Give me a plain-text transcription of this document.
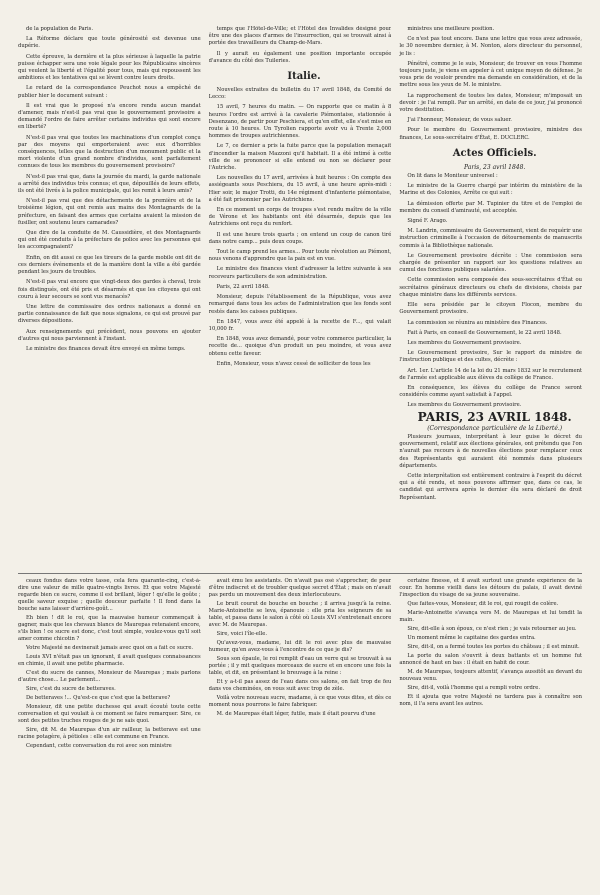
de la population de Paris.

La Réforme déclare que toute générosité est devenue une dupérie.

Cette épreuve, la dernière et la plus sérieuse à laquelle la patrie puisse échapper sera une voie légale pour les Républicains sincères qui veulent la liberté et l'égalité pour tous, mais qui repoussent les ambitions et les tentatives qui se lèvent contre leurs droits.

Le retard de la correspondance Peuchot nous a empêché de publier hier le document suivant :

Il est vrai que le proposé n'a encore rendu aucun mandat d'amener, mais n'est-il pas vrai que le gouvernement provisoire a demandé l'ordre de faire arrêter certains individus qui sont encore en liberté?

N'est-il pas vrai que toutes les machinations d'un complot conçu par des moyens qui emporteraient avec eux d'horribles conséquences, telles que la destruction d'un monument public et la mort violente d'un grand nombre d'individus, sont parfaitement connues de tous les membres du gouvernement provisoire?

N'est-il pas vrai que, dans la journée du mardi, la garde nationale a arrêté des individus très connus; et que, dépouillés de leurs effets, ils ont été livrés à la police municipale, qui les remit à leurs amis?

N'est-il pas vrai que des détachements de la première et de la troisième légion, qui ont remis aux mains des Montagnards de la préfecture, en faisant des armes que certains avaient la mission de fusiller, ont soutenu leurs camarades?

Que dire de la conduite de M. Caussidière, et des Montagnards qui ont été conduits à la préfecture de police avec les personnes qui les accompagnaient?

Enfin, on dit aussi ce que les tireurs de la garde mobile ont dit de ces derniers événements et de la manière dont la ville a été gardée pendant les jours de troubles.

N'est-il pas vrai encore que vingt-deux des gardes à cheval, trois fois distingués, ont été pris et désarmés et que les citoyens qui ont couru à leur secours se sont vus menacés?

Une lettre de commissaire des ordres nationaux a donné en partie connaissance de fait que nous signalons, ce qui est prouvé par diverses dépositions.

Aux renseignements qui précèdent, nous pouvons en ajouter d'autres qui nous parviennent à l'instant.

Le ministre des finances devait être envoyé en même temps.

temps que l'Hôtel-de-Ville; et l'Hôtel des Invalides désigné pour être une des places d'armes de l'insurrection, qui se trouvait ainsi à portée des travailleurs du Champ-de-Mars.

Il y aurait eu également une position importante occupée d'avance du côté des Tuileries.

Italie.

Nouvelles extraites du bulletin du 17 avril 1848, du Comité de Lecco:

15 avril, 7 heures du matin. — On rapporte que ce matin à 8 heures l'ordre est arrivé à la cavalerie Piémontaise, stationnée à Desenzano, de partir pour Peschiera, et qu'en effet, elle s'est mise en route à 10 heures. Un Tyrolien rapporte avoir vu à Trente 2,000 hommes de troupes autrichiennes.

Le 7, ce dernier a pris la fuite parce que la population menaçait d'incendier la maison Mazzoni qu'il habitait. Il a été intimé à cette ville de se prononcer si elle entend ou non se déclarer pour l'Autriche.

Les nouvelles du 17 avril, arrivées à huit heures : On compte des assiégeants sous Peschiera, du 15 avril, à une heure après-midi : Hier soir, le major Trotti, du 14e régiment d'infanterie piémontaise, a été fait prisonnier par les Autrichiens.

En ce moment un corps de troupes s'est rendu maître de la ville de Vérone et les habitants ont été désarmés, depuis que les Autrichiens ont reçu du renfort.

Il est une heure trois quarts ; on entend un coup de canon tiré dans notre camp... puis deux coups.

Tout le camp prend les armes... Pour toute révolution au Piémont, nous venons d'apprendre que la paix est en vue.

Le ministre des finances vient d'adresser la lettre suivante à ses receveurs particuliers de son administration.

Paris, 22 avril 1848.

Monsieur, depuis l'établissement de la République, vous avez remarqué dans tous les actes de l'administration que les fonds sont restés dans les caisses publiques.

En 1847, vous avez été appelé à la recette de F..., qui valait 10,000 fr.

En 1848, vous avez demandé, pour votre commerce particulier, la recette de... quoique d'un produit un peu moindre, et vous avez obtenu cette faveur.

Enfin, Monsieur, vous n'avez cessé de solliciter de tous les

ministres une meilleure position.

Ce n'est pas tout encore. Dans une lettre que vous avez adressée, le 30 novembre dernier, à M. Nonton, alors directeur du personnel, je lis :

Pénétré, comme je le suis, Monsieur, de trouver en vous l'homme toujours juste, je viens en appeler à cet unique moyen de défense. Je vous prie de vouloir prendre ma demande en considération, et de la mettre sous les yeux de M. le ministre.

La rapprochement de toutes les dates, Monsieur, m'imposait un devoir : je l'ai rempli. Par un arrêté, en date de ce jour, j'ai prononcé votre destitution.

J'ai l'honneur, Monsieur, de vous saluer.

Pour le membre du Gouvernement provisoire, ministre des finances, Le sous-secrétaire d'État, E. DUCLERC.

Actes Officiels.

Paris, 23 avril 1848.

On lit dans le Moniteur universel :

Le ministre de la Guerre chargé par intérim du ministère de la Marine et des Colonies, Arrête ce qui suit :

La démission offerte par M. Tupinier du titre et de l'emploi de membre du conseil d'amirauté, est acceptée.

Signé F. Arago.

M. Landrin, commissaire du Gouvernement, vient de requérir une instruction criminelle à l'occasion de détournements de manuscrits commis à la Bibliothèque nationale.

Le Gouvernement provisoire décrète : Une commission sera chargée de présenter un rapport sur les questions relatives au cumul des fonctions publiques salariées.

Cette commission sera composée des sous-secrétaires d'État ou secrétaires généraux directeurs ou chefs de divisions, choisis par chaque ministre dans les différents services.

Elle sera présidée par le citoyen Flocon, membre du Gouvernement provisoire.

La commission se réunira au ministère des Finances.

Fait à Paris, en conseil de Gouvernement, le 22 avril 1848.

Les membres du Gouvernement provisoire.

Le Gouvernement provisoire, Sur le rapport du ministre de l'instruction publique et des cultes, décrète :

Art. 1er. L'article 14 de la loi du 21 mars 1832 sur le recrutement de l'armée est applicable aux élèves du collège de France.

En conséquence, les élèves du collège de France seront considérés comme ayant satisfait à l'appel.

Les membres du Gouvernement provisoire.

PARIS, 23 AVRIL 1848.

(Correspondance particulière de la Liberté.)

Plusieurs journaux, interprétant à leur guise le décret du gouvernement, relatif aux élections générales, ont prétendu que l'on n'aurait pas recours à de nouvelles élections pour remplacer ceux des Représentants qui auraient été nommés dans plusieurs départements.

Cette interprétation est entièrement contraire à l'esprit du décret qui a été rendu, et nous pouvons affirmer que, dans ce cas, le candidat qui arrivera après le dernier élu sera déclaré de droit Représentant.

ceaux fondus dans votre tasse, cela fera quarante-cinq, c'est-à-dire une valeur de mille quatre-vingts livres. Et que votre Majesté regarde bien ce sucre, comme il est brillant, léger ! qu'elle le goûte ; quelle saveur exquise ; quelle douceur parfaite ! Il fond dans la bouche sans laisser d'arrière-goût...

Eh bien ! dit le roi, que la mauvaise humeur commençait à gagner, mais que les chevaux blancs de Maurepas retenaient encore, s'ils bien ! ce sucre est donc, c'est tout simple, voulez-vous qu'il soit amer comme chicotin ?

Votre Majesté ne devinerait jamais avec quoi on a fait ce sucre.

Louis XVI n'était pas un ignorant, il avait quelques connaissances en chimie, il avait une petite pharmacie.

C'est du sucre de cannes, Monsieur de Maurepas ; mais parlons d'autre chose... Le parlement...

Sire, c'est du sucre de betteraves.

De betteraves !... Qu'est-ce que c'est que la betterave?

Monsieur, dit une petite duchesse qui avait écouté toute cette conversation et qui voulait à ce moment se faire remarquer. Sire, ce sont des petites truches rouges de je ne sais quoi.

Sire, dit M. de Maurepas d'un air railleur, la betterave est une racine potagère, à pétioles : elle est commune en France.

Cependant, cette conversation du roi avec son ministre

avait ému les assistants. On n'avait pas osé s'approcher, de peur d'être indiscret et de troubler quelque secret d'État ; mais on n'avait pas perdu un mouvement des deux interlocuteurs.

Le bruit courut de bouche en bouche ; il arriva jusqu'à la reine. Marie-Antoinette se leva, épanouie : elle pria les seigneurs de sa table, et passa dans le salon à côté où Louis XVI s'entretenait encore avec M. de Maurepas.

Sire, voici l'île-elle.

Qu'avez-vous, madame, lui dit le roi avec plus de mauvaise humeur, qu'en avez-vous à l'encontre de ce que je dis?

Sous son épaule, le roi remplit d'eau un verre qui se trouvait à sa portée ; il y mit quelques morceaux de sucre et en encore une fois la table, et dit, en présentant le breuvage à la reine :

Et y a-t-il pas assez de l'eau dans ces salons, on fait trop de feu dans vos cheminées, on vous suit avec trop de zèle.

Voilà votre nouveau sucre, madame, à ce que vous dites, et dès ce moment nous pourrons le faire fabriquer.

M. de Maurepas était léger, futile, mais il était pourvu d'une

certaine finesse, et il avait surtout une grande expérience de la cour. En homme vieilli dans les détours du palais, il avait deviné l'inspection du visage de sa jeune souveraine.

Que faites-vous, Monsieur, dit le roi, qui rougit de colère.

Marie-Antoinette s'avança vers M. de Maurepas et lui tendit la main.

Sire, dit-elle à son époux, ce n'est rien ; je vais retourner au jeu.

Un moment même le capitaine des gardes entra.

Sire, dit-il, on a fermé toutes les portes du château ; il est minuit.

La porte du salon s'ouvrit à deux battants et un homme fut annoncé de haut en bas : il était en habit de cour.

M. de Maurepas, toujours attentif, s'avança aussitôt au devant du nouveau venu.

Sire, dit-il, voilà l'homme qui a rempli votre ordre.

Et il ajouta que votre Majesté ne tardera pas à connaître son nom, il l'a sera avant les autres.
